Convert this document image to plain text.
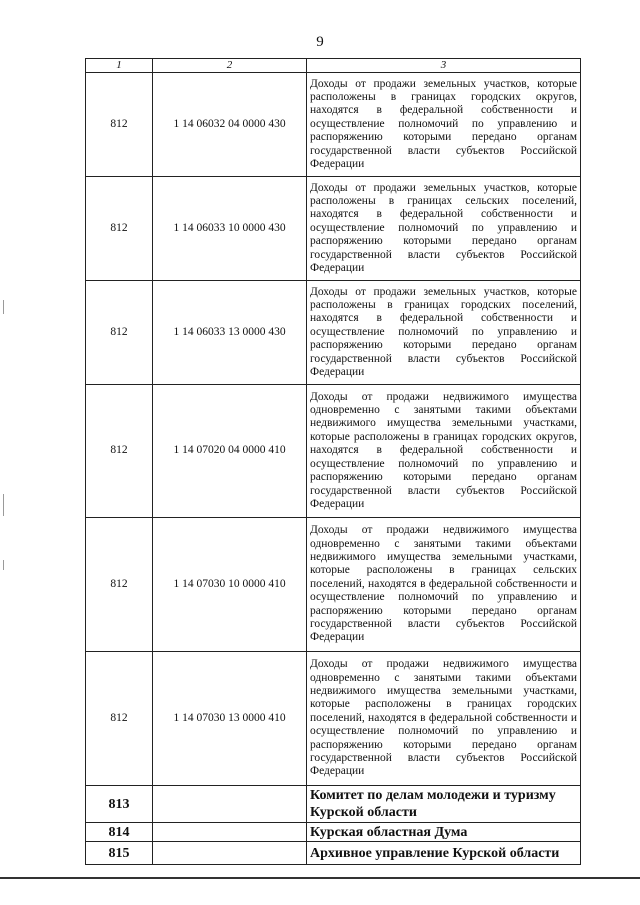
9
1	2	3
812	1 14 06032 04 0000 430	Доходы от продажи земельных участков, которые расположены в границах городских округов, находятся в федеральной собственности и осуществление полномочий по управлению и распоряжению которыми передано органам государственной власти субъектов Российской Федерации
812	1 14 06033 10 0000 430	Доходы от продажи земельных участков, которые расположены в границах сельских поселений, находятся в федеральной собственности и осуществление полномочий по управлению и распоряжению которыми передано органам государственной власти субъектов Российской Федерации
812	1 14 06033 13 0000 430	Доходы от продажи земельных участков, которые расположены в границах городских поселений, находятся в федеральной собственности и осуществление полномочий по управлению и распоряжению которыми передано органам государственной власти субъектов Российской Федерации
812	1 14 07020 04 0000 410	Доходы от продажи недвижимого имущества одновременно с занятыми такими объектами недвижимого имущества земельными участками, которые расположены в границах городских округов, находятся в федеральной собственности и осуществление полномочий по управлению и распоряжению которыми передано органам государственной власти субъектов Российской Федерации
812	1 14 07030 10 0000 410	Доходы от продажи недвижимого имущества одновременно с занятыми такими объектами недвижимого имущества земельными участками, которые расположены в границах сельских поселений, находятся в федеральной собственности и осуществление полномочий по управлению и распоряжению которыми передано органам государственной власти субъектов Российской Федерации
812	1 14 07030 13 0000 410	Доходы от продажи недвижимого имущества одновременно с занятыми такими объектами недвижимого имущества земельными участками, которые расположены в границах городских поселений, находятся в федеральной собственности и осуществление полномочий по управлению и распоряжению которыми передано органам государственной власти субъектов Российской Федерации
813		Комитет по делам молодежи и туризму Курской области
814		Курская областная Дума
815		Архивное управление Курской области
